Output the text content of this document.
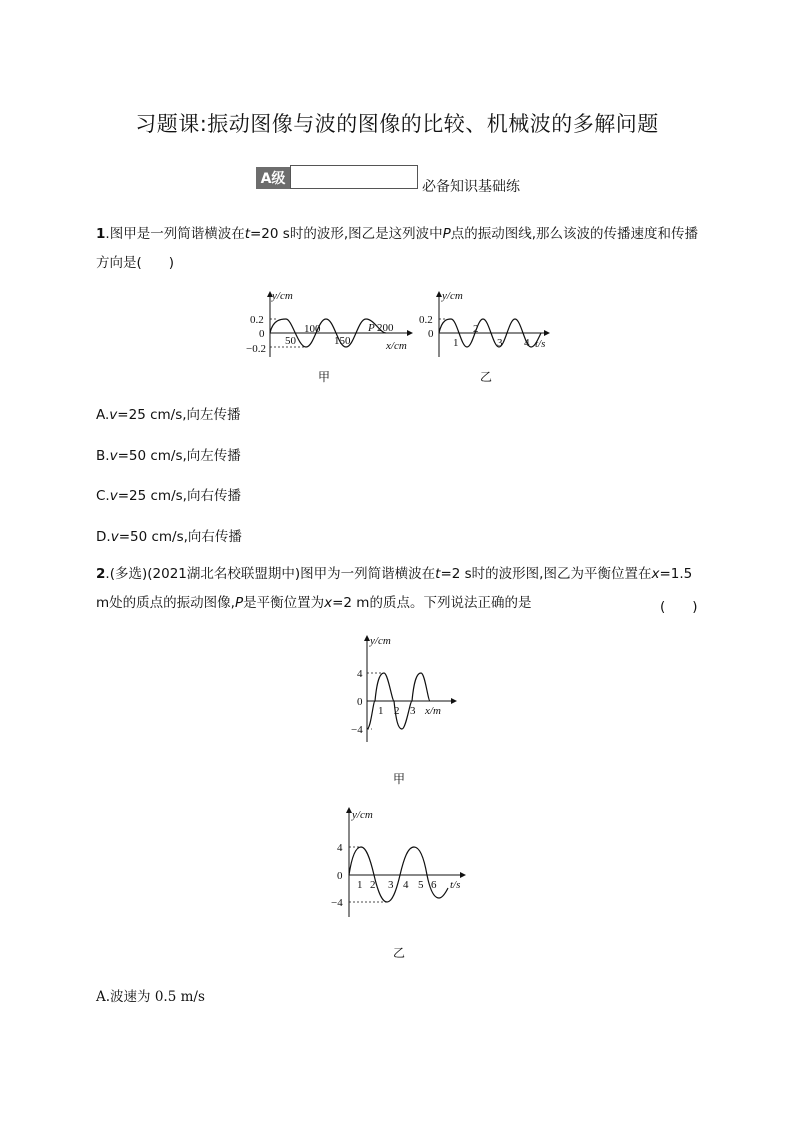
习题课:振动图像与波的图像的比较、机械波的多解问题
A级	必备知识基础练
1.图甲是一列简谐横波在t=20 s时的波形,图乙是这列波中P点的振动图线,那么该波的传播速度和传播方向是(　　)
y/cm
0.2
0
−0.2
50
100
150
P 200
x/cm
甲
y/cm
0.2
0
1
2
3 4 t/s
乙
A.v=25 cm/s,向左传播
B.v=50 cm/s,向左传播
C.v=25 cm/s,向右传播
D.v=50 cm/s,向右传播
2.(多选)(2021湖北名校联盟期中)图甲为一列简谐横波在t=2 s时的波形图,图乙为平衡位置在x=1.5 m处的质点的振动图像,P是平衡位置为x=2 m的质点。下列说法正确的是	(　　)
y/cm
4
0
−4
1 2 3 x/m
甲
y/cm
4
0
−4
1 2 3 4 5 6 t/s
乙
A.波速为 0.5 m/s
